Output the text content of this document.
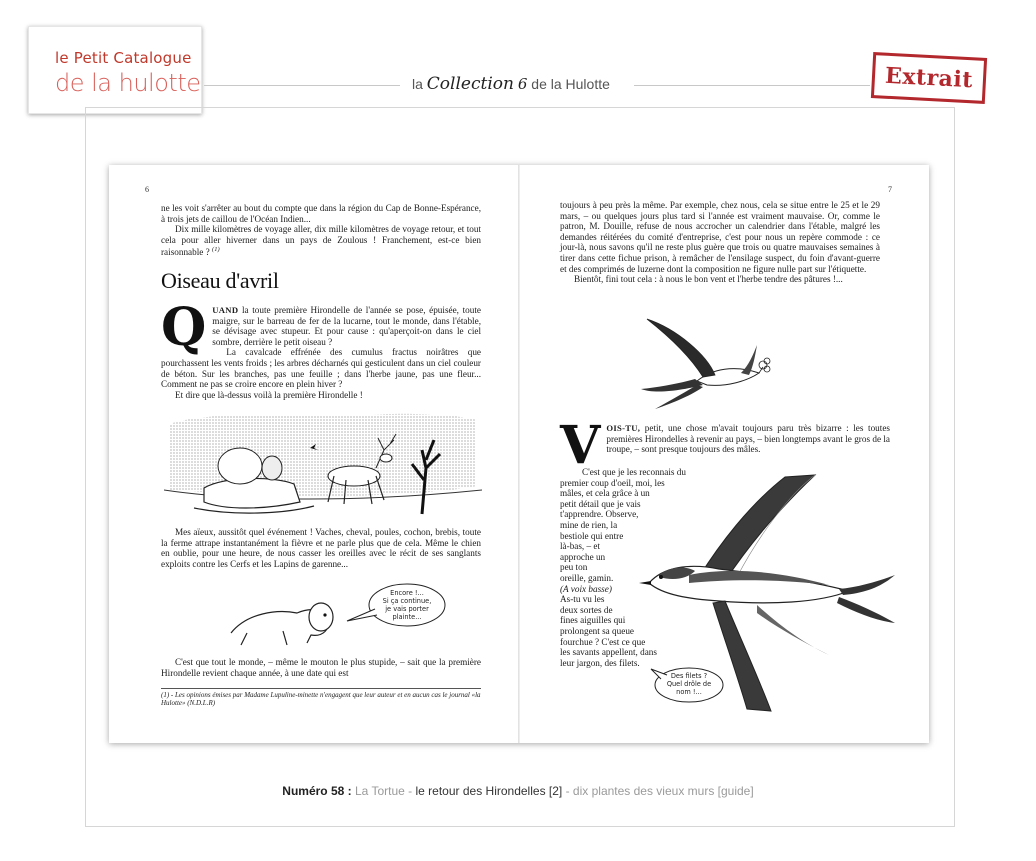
le Petit Catalogue
de la hulotte	la Collection 6 de la Hulotte	Extrait
6

ne les voit s'arrêter au bout du compte que dans la région du Cap de Bonne-Espérance, à trois jets de caillou de l'Océan Indien...

Dix mille kilomètres de voyage aller, dix mille kilomètres de voyage retour, et tout cela pour aller hiverner dans un pays de Zoulous ! Franchement, est-ce bien raisonnable ? $^{(1)}$

Oiseau d'avril
Q UAND la toute première Hirondelle de l'année se pose, épuisée, toute maigre, sur le barreau de fer de la lucarne, tout le monde, dans l'étable, se dévisage avec stupeur. Et pour cause : qu'aperçoit-on dans le ciel sombre, derrière le petit oiseau ?

La cavalcade effrénée des cumulus fractus noirâtres que pourchassent les vents froids ; les arbres décharnés qui gesticulent dans un ciel couleur de béton. Sur les branches, pas une feuille ; dans l'herbe jaune, pas une fleur... Comment ne pas se croire encore en plein hiver ?

Et dire que là-dessus voilà la première Hirondelle !

Mes aïeux, aussitôt quel événement ! Vaches, cheval, poules, cochon, brebis, toute la ferme attrape instantanément la fièvre et ne parle plus que de cela. Même le chien en oublie, pour une heure, de nous casser les oreilles avec le récit de ses sanglants exploits contre les Cerfs et les Lapins de garenne...

Encore !...
Si ça continue,
je vais porter
plainte...

C'est que tout le monde, – même le mouton le plus stupide, – sait que la première Hirondelle revient chaque année, à une date qui est

(1) - Les opinions émises par Madame Lupuline-minette n'engagent que leur auteur et en aucun cas le journal «la Hulotte» (N.D.L.R)
7

toujours à peu près la même. Par exemple, chez nous, cela se situe entre le 25 et le 29 mars, – ou quelques jours plus tard si l'année est vraiment mauvaise. Or, comme le patron, M. Douille, refuse de nous accrocher un calendrier dans l'étable, malgré les demandes réitérées du comité d'entreprise, c'est pour nous un repère commode : ce jour-là, nous savons qu'il ne reste plus guère que trois ou quatre mauvaises semaines à tirer dans cette fichue prison, à remâcher de l'ensilage suspect, du foin d'avant-guerre et des comprimés de luzerne dont la composition ne figure nulle part sur l'étiquette.

Bientôt, fini tout cela : à nous le bon vent et l'herbe tendre des pâtures !...

V OIS-TU, petit, une chose m'avait toujours paru très bizarre : les toutes premières Hirondelles à revenir au pays, – bien longtemps avant le gros de la troupe, – sont presque toujours des mâles.

C'est que je les reconnais du
premier coup d'oeil, moi, les
mâles, et cela grâce à un
petit détail que je vais
t'apprendre. Observe,
mine de rien, la
bestiole qui entre
là-bas, – et
approche un
peu ton
oreille, gamin.
(A voix basse)
As-tu vu les
deux sortes de
fines aiguilles qui
prolongent sa queue
fourchue ? C'est ce que
les savants appellent, dans
leur jargon, des filets.
Des filets ?
Quel drôle de
nom !...
Numéro 58 : La Tortue - le retour des Hirondelles [2] - dix plantes des vieux murs [guide]
